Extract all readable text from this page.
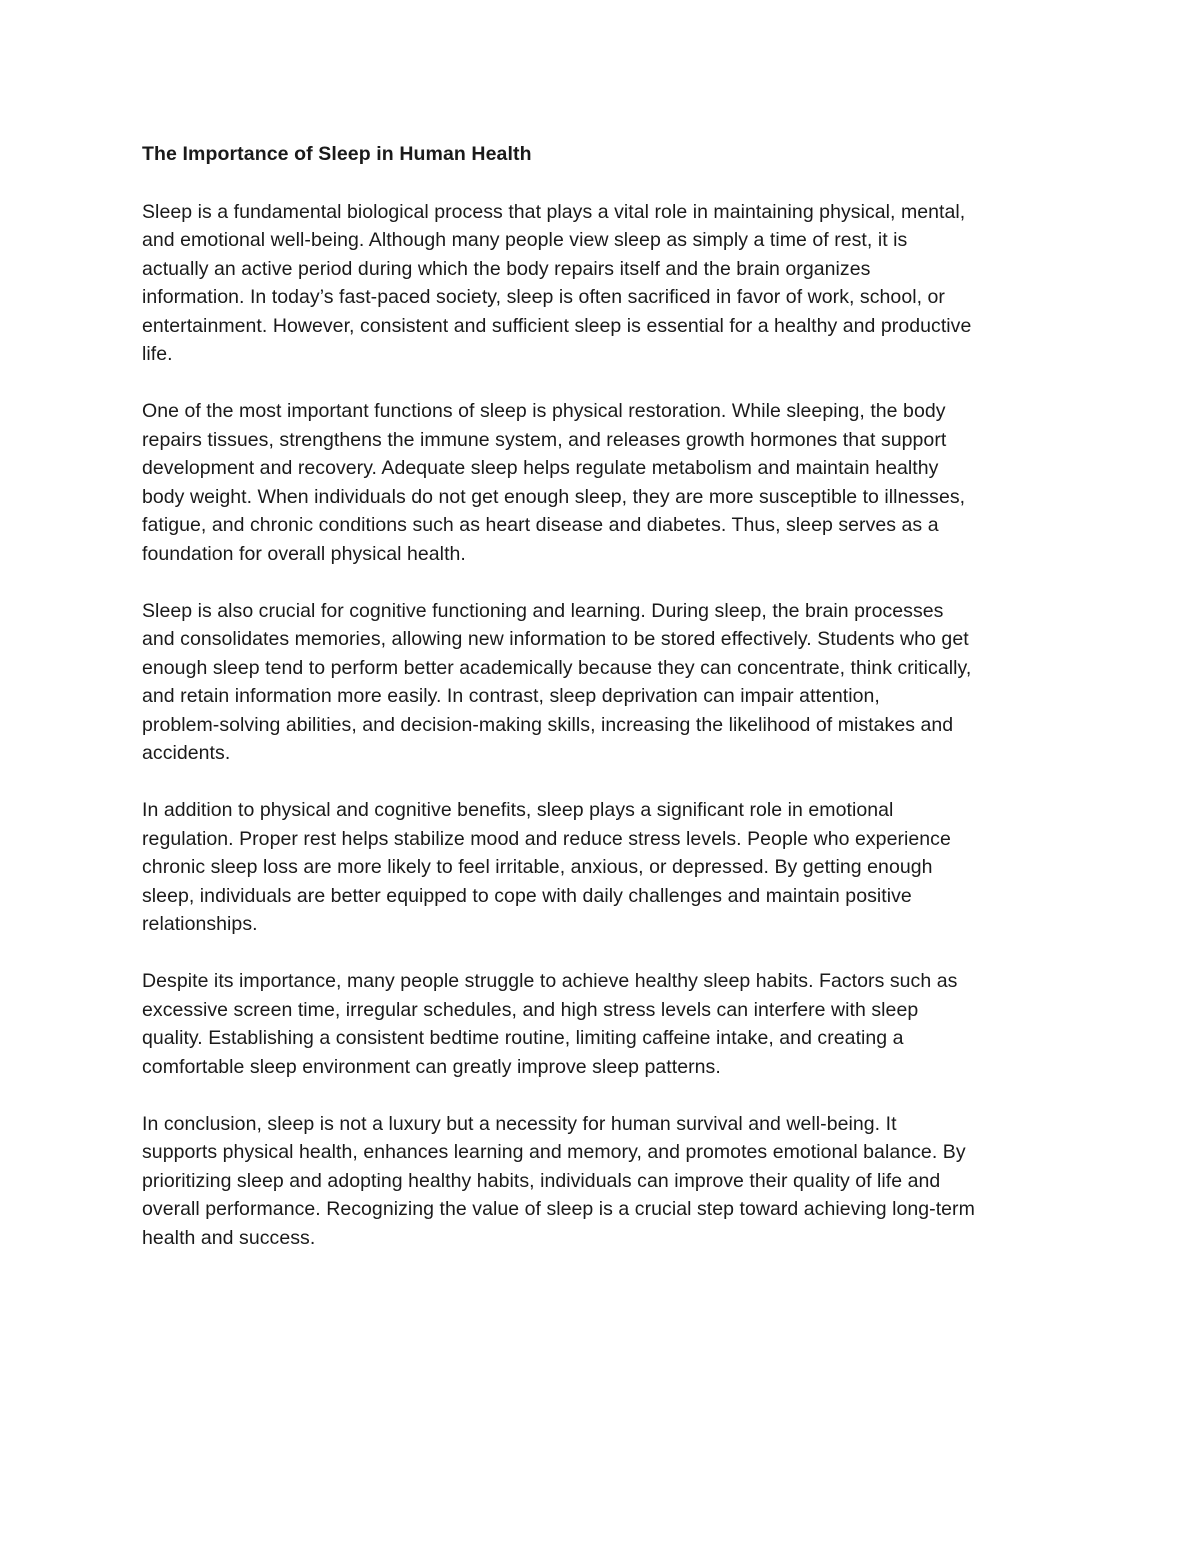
The Importance of Sleep in Human Health

Sleep is a fundamental biological process that plays a vital role in maintaining physical, mental,
and emotional well-being. Although many people view sleep as simply a time of rest, it is
actually an active period during which the body repairs itself and the brain organizes
information. In today’s fast-paced society, sleep is often sacrificed in favor of work, school, or
entertainment. However, consistent and sufficient sleep is essential for a healthy and productive
life.

One of the most important functions of sleep is physical restoration. While sleeping, the body
repairs tissues, strengthens the immune system, and releases growth hormones that support
development and recovery. Adequate sleep helps regulate metabolism and maintain healthy
body weight. When individuals do not get enough sleep, they are more susceptible to illnesses,
fatigue, and chronic conditions such as heart disease and diabetes. Thus, sleep serves as a
foundation for overall physical health.

Sleep is also crucial for cognitive functioning and learning. During sleep, the brain processes
and consolidates memories, allowing new information to be stored effectively. Students who get
enough sleep tend to perform better academically because they can concentrate, think critically,
and retain information more easily. In contrast, sleep deprivation can impair attention,
problem-solving abilities, and decision-making skills, increasing the likelihood of mistakes and
accidents.

In addition to physical and cognitive benefits, sleep plays a significant role in emotional
regulation. Proper rest helps stabilize mood and reduce stress levels. People who experience
chronic sleep loss are more likely to feel irritable, anxious, or depressed. By getting enough
sleep, individuals are better equipped to cope with daily challenges and maintain positive
relationships.

Despite its importance, many people struggle to achieve healthy sleep habits. Factors such as
excessive screen time, irregular schedules, and high stress levels can interfere with sleep
quality. Establishing a consistent bedtime routine, limiting caffeine intake, and creating a
comfortable sleep environment can greatly improve sleep patterns.

In conclusion, sleep is not a luxury but a necessity for human survival and well-being. It
supports physical health, enhances learning and memory, and promotes emotional balance. By
prioritizing sleep and adopting healthy habits, individuals can improve their quality of life and
overall performance. Recognizing the value of sleep is a crucial step toward achieving long-term
health and success.
